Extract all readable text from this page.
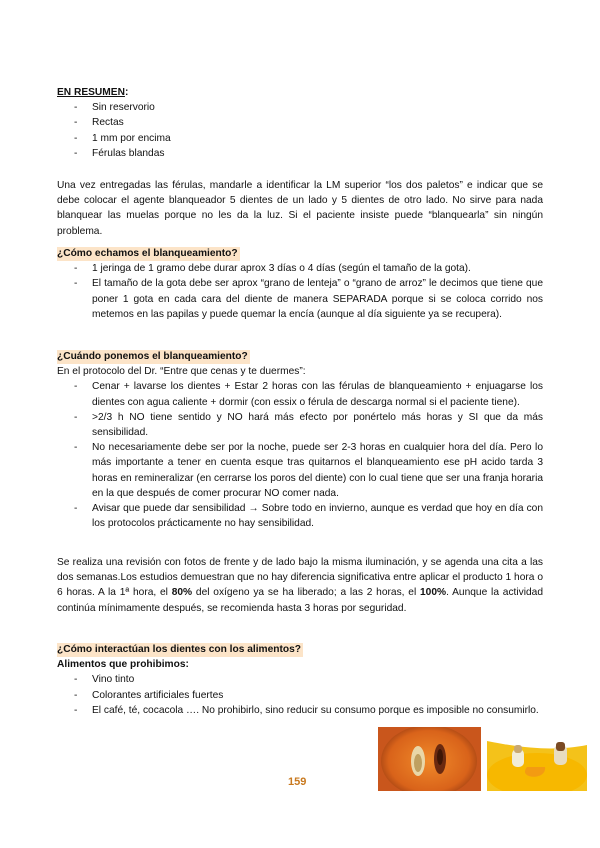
EN RESUMEN:
- Sin reservorio
- Rectas
- 1 mm por encima
- Férulas blandas

Una vez entregadas las férulas, mandarle a identificar la LM superior “los dos paletos” e indicar que se debe colocar el agente blanqueador 5 dientes de un lado y 5 dientes de otro lado. No sirve para nada blanquear las muelas porque no les da la luz. Si el paciente insiste puede “blanquearla” sin ningún problema.

¿Cómo echamos el blanqueamiento?
- 1 jeringa de 1 gramo debe durar aprox 3 días o 4 días (según el tamaño de la gota).
- El tamaño de la gota debe ser aprox “grano de lenteja” o “grano de arroz” le decimos que tiene que poner 1 gota en cada cara del diente de manera SEPARADA porque si se coloca corrido nos metemos en las papilas y puede quemar la encía (aunque al día siguiente ya se recupera).
¿Cuándo ponemos el blanqueamiento?
En el protocolo del Dr. “Entre que cenas y te duermes”:
- Cenar + lavarse los dientes + Estar 2 horas con las férulas de blanqueamiento + enjuagarse los dientes con agua caliente + dormir (con essix o férula de descarga normal si el paciente tiene).
- >2/3 h NO tiene sentido y NO hará más efecto por ponértelo más horas y SI que da más sensibilidad.
- No necesariamente debe ser por la noche, puede ser 2-3 horas en cualquier hora del día. Pero lo más importante a tener en cuenta esque tras quitarnos el blanqueamiento ese pH acido tarda 3 horas en remineralizar (en cerrarse los poros del diente) con lo cual tiene que ser una franja horaria en la que después de comer procurar NO comer nada.
- Avisar que puede dar sensibilidad → Sobre todo en invierno, aunque es verdad que hoy en día con los protocolos prácticamente no hay sensibilidad.

Se realiza una revisión con fotos de frente y de lado bajo la misma iluminación, y se agenda una cita a las dos semanas.Los estudios demuestran que no hay diferencia significativa entre aplicar el producto 1 hora o 6 horas. A la 1ª hora, el 80% del oxígeno ya se ha liberado; a las 2 horas, el 100%. Aunque la actividad continúa mínimamente después, se recomienda hasta 3 horas por seguridad.

¿Cómo interactúan los dientes con los alimentos?
Alimentos que prohibimos:
- Vino tinto
- Colorantes artificiales fuertes
- El café, té, cocacola …. No prohibirlo, sino reducir su consumo porque es imposible no consumirlo.
159
